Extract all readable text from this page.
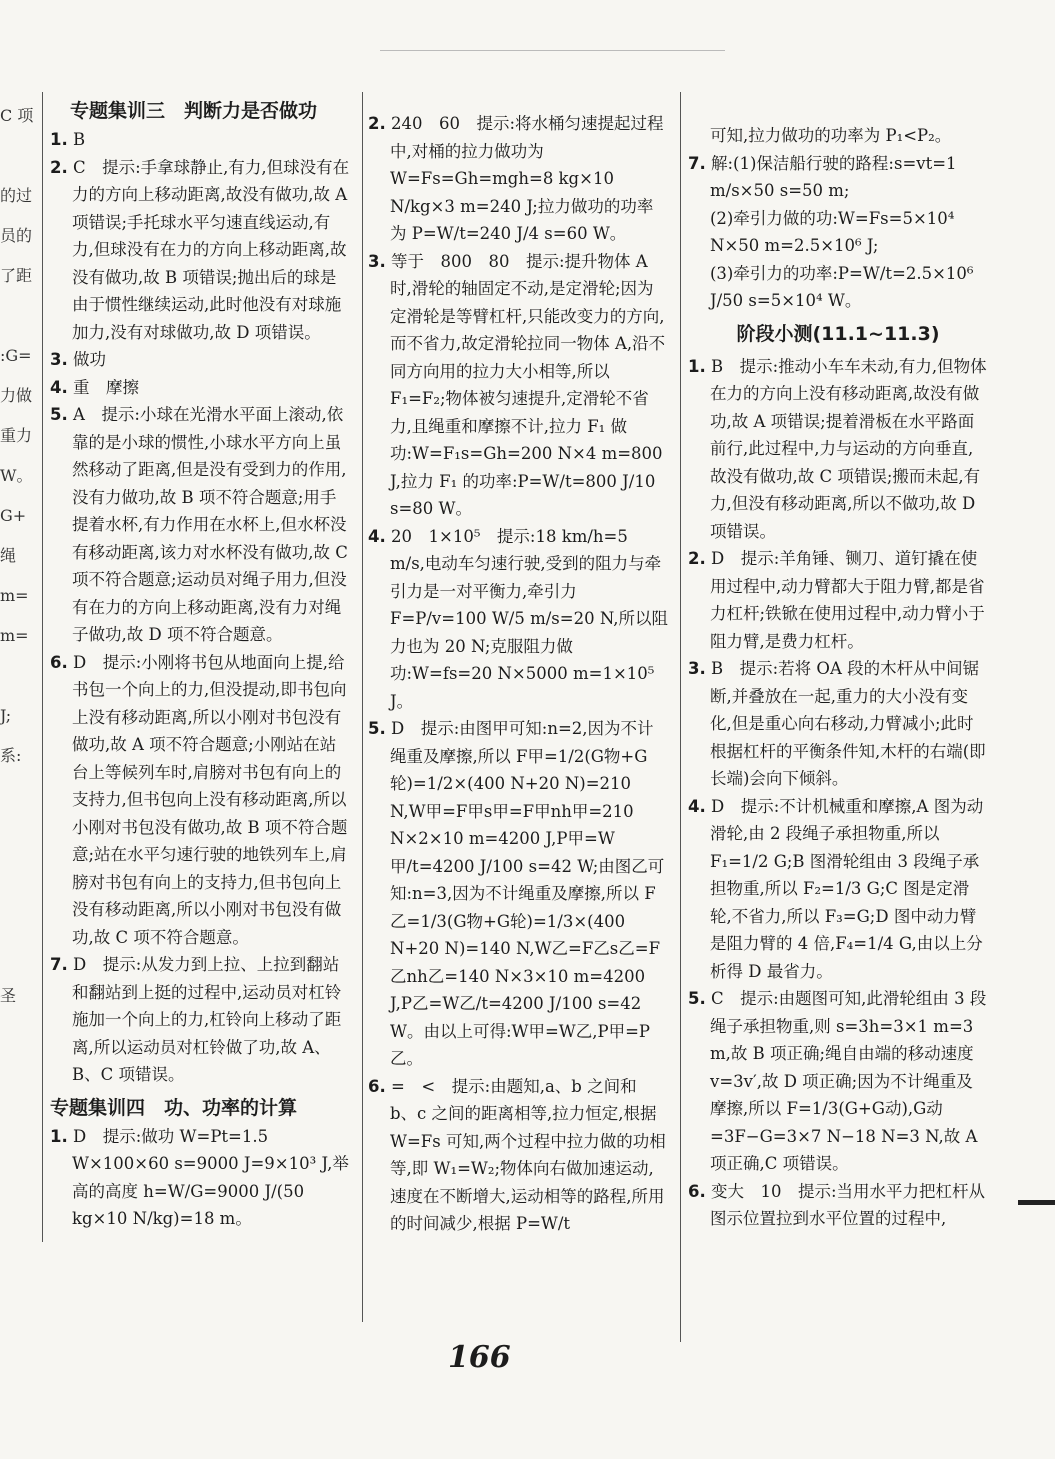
C 项
的过
员的
了距
:G=
力做
重力
W。
G+
绳
m=
m=
J;
系:
圣

专题集训三　判断力是否做功

1. B

2. C　提示:手拿球静止,有力,但球没有在力的方向上移动距离,故没有做功,故 A 项错误;手托球水平匀速直线运动,有力,但球没有在力的方向上移动距离,故没有做功,故 B 项错误;抛出后的球是由于惯性继续运动,此时他没有对球施加力,没有对球做功,故 D 项错误。

3. 做功

4. 重　摩擦

5. A　提示:小球在光滑水平面上滚动,依靠的是小球的惯性,小球水平方向上虽然移动了距离,但是没有受到力的作用,没有力做功,故 B 项不符合题意;用手提着水杯,有力作用在水杯上,但水杯没有移动距离,该力对水杯没有做功,故 C项不符合题意;运动员对绳子用力,但没有在力的方向上移动距离,没有力对绳子做功,故 D 项不符合题意。

6. D　提示:小刚将书包从地面向上提,给书包一个向上的力,但没提动,即书包向上没有移动距离,所以小刚对书包没有做功,故 A 项不符合题意;小刚站在站台上等候列车时,肩膀对书包有向上的支持力,但书包向上没有移动距离,所以小刚对书包没有做功,故 B 项不符合题意;站在水平匀速行驶的地铁列车上,肩膀对书包有向上的支持力,但书包向上没有移动距离,所以小刚对书包没有做功,故 C 项不符合题意。

7. D　提示:从发力到上拉、上拉到翻站和翻站到上挺的过程中,运动员对杠铃施加一个向上的力,杠铃向上移动了距离,所以运动员对杠铃做了功,故 A、B、C 项错误。

专题集训四　功、功率的计算

1. D　提示:做功 W=Pt=1.5 W×100×60 s=9000 J=9×10³ J,举高的高度 h=W/G=9000 J/(50 kg×10 N/kg)=18 m。

2. 240　60　提示:将水桶匀速提起过程中,对桶的拉力做功为 W=Fs=Gh=mgh=8 kg×10 N/kg×3 m=240 J;拉力做功的功率为 P=W/t=240 J/4 s=60 W。

3. 等于　800　80　提示:提升物体 A 时,滑轮的轴固定不动,是定滑轮;因为定滑轮是等臂杠杆,只能改变力的方向,而不省力,故定滑轮拉同一物体 A,沿不同方向用的拉力大小相等,所以 F₁=F₂;物体被匀速提升,定滑轮不省力,且绳重和摩擦不计,拉力 F₁ 做功:W=F₁s=Gh=200 N×4 m=800 J,拉力 F₁ 的功率:P=W/t=800 J/10 s=80 W。

4. 20　1×10⁵　提示:18 km/h=5 m/s,电动车匀速行驶,受到的阻力与牵引力是一对平衡力,牵引力 F=P/v=100 W/5 m/s=20 N,所以阻力也为 20 N;克服阻力做功:W=fs=20 N×5000 m=1×10⁵ J。

5. D　提示:由图甲可知:n=2,因为不计绳重及摩擦,所以 F甲=1/2(G物+G轮)=1/2×(400 N+20 N)=210 N,W甲=F甲s甲=F甲nh甲=210 N×2×10 m=4200 J,P甲=W甲/t=4200 J/100 s=42 W;由图乙可知:n=3,因为不计绳重及摩擦,所以 F乙=1/3(G物+G轮)=1/3×(400 N+20 N)=140 N,W乙=F乙s乙=F乙nh乙=140 N×3×10 m=4200 J,P乙=W乙/t=4200 J/100 s=42 W。由以上可得:W甲=W乙,P甲=P乙。

6. =　<　提示:由题知,a、b 之间和 b、c 之间的距离相等,拉力恒定,根据 W=Fs 可知,两个过程中拉力做的功相等,即 W₁=W₂;物体向右做加速运动,速度在不断增大,运动相等的路程,所用的时间减少,根据 P=W/t

可知,拉力做功的功率为 P₁<P₂。

7. 解:(1)保洁船行驶的路程:s=vt=1 m/s×50 s=50 m;

(2)牵引力做的功:W=Fs=5×10⁴ N×50 m=2.5×10⁶ J;

(3)牵引力的功率:P=W/t=2.5×10⁶ J/50 s=5×10⁴ W。

阶段小测(11.1~11.3)

1. B　提示:推动小车车未动,有力,但物体在力的方向上没有移动距离,故没有做功,故 A 项错误;提着滑板在水平路面前行,此过程中,力与运动的方向垂直,故没有做功,故 C 项错误;搬而未起,有力,但没有移动距离,所以不做功,故 D项错误。

2. D　提示:羊角锤、铡刀、道钉撬在使用过程中,动力臂都大于阻力臂,都是省力杠杆;铁锨在使用过程中,动力臂小于阻力臂,是费力杠杆。

3. B　提示:若将 OA 段的木杆从中间锯断,并叠放在一起,重力的大小没有变化,但是重心向右移动,力臂减小;此时根据杠杆的平衡条件知,木杆的右端(即长端)会向下倾斜。

4. D　提示:不计机械重和摩擦,A 图为动滑轮,由 2 段绳子承担物重,所以 F₁=1/2 G;B 图滑轮组由 3 段绳子承担物重,所以 F₂=1/3 G;C 图是定滑轮,不省力,所以 F₃=G;D 图中动力臂是阻力臂的 4 倍,F₄=1/4 G,由以上分析得 D 最省力。

5. C　提示:由题图可知,此滑轮组由 3 段绳子承担物重,则 s=3h=3×1 m=3 m,故 B 项正确;绳自由端的移动速度 v=3v′,故 D 项正确;因为不计绳重及摩擦,所以 F=1/3(G+G动),G动=3F−G=3×7 N−18 N=3 N,故 A 项正确,C 项错误。

6. 变大　10　提示:当用水平力把杠杆从图示位置拉到水平位置的过程中,

166
